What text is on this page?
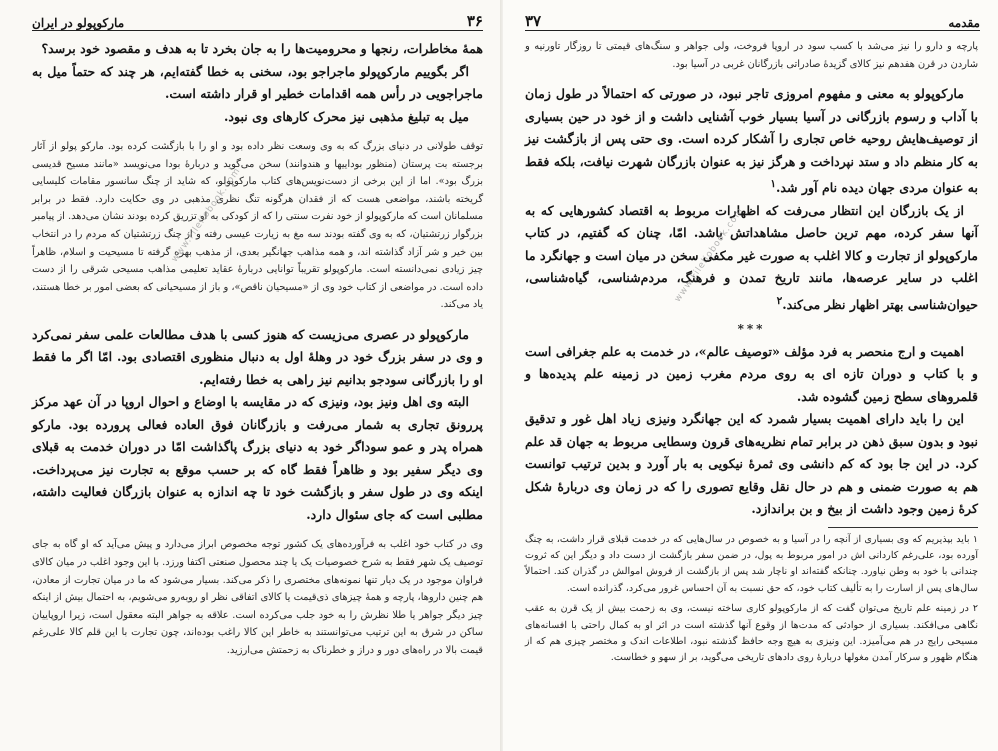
۳۶
مارکوپولو در ایران

همهٔ مخاطرات، رنجها و محرومیت‌ها را به جان بخرد تا به هدف و مقصود خود برسد؟

اگر بگوییم مارکوپولو ماجراجو بود، سخنی به خطا گفته‌ایم، هر چند که حتماً میل به ماجراجویی در رأس همه اقدامات خطیر او قرار داشته است.

میل به تبلیغ مذهبی نیز محرک کارهای وی نبود.

توقف طولانی در دنیای بزرگ که به وی وسعت نظر داده بود و او را با بازگشت کرده بود. مارکو پولو از آثار برجسته بت پرستان (منظور بوداییها و هندوانند) سخن می‌گوید و دربارهٔ بودا می‌نویسد «مانند مسیح قدیسی بزرگ بود». اما از این برخی از دست‌نویس‌های کتاب مارکوپولو، که شاید از چنگ سانسور مقامات کلیسایی گریخته باشند، مواضعی هست که از فقدان هرگونه تنگ نظری مذهبی در وی حکایت دارد. فقط در برابر مسلمانان است که مارکوپولو از خود نفرت سنتی را که از کودکی به او تزریق کرده بودند نشان می‌دهد. از پیامبر بزرگوار زرتشتیان، که به وی گفته بودند سه مغ به زیارت عیسی رفته و از چنگ زرتشتیان که مردم را در انتخاب بین خیر و شر آزاد گذاشته اند، و همه مذاهب جهانگیر بعدی، از مذهب بهره گرفته تا مسیحیت و اسلام، ظاهراً چیز زیادی نمی‌دانسته است. مارکوپولو تقریباً توانایی دربارهٔ عقاید تعلیمی مذاهب مسیحی شرقی را از دست داده است. در مواضعی از کتاب خود وی از «مسیحیان ناقص»، و باز از مسیحیانی که بعضی امور بر خطا هستند، یاد می‌کند.

مارکوپولو در عصری می‌زیست که هنوز کسی با هدف مطالعات علمی سفر نمی‌کرد و وی در سفر بزرگ خود در وهلهٔ اول به دنبال منظوری اقتصادی بود. امّا اگر ما فقط او را بازرگانی سودجو بدانیم نیز راهی به خطا رفته‌ایم.

البته وی اهل ونیز بود، ونیزی که در مقایسه با اوضاع و احوال اروپا در آن عهد مرکز پررونق تجاری به شمار می‌رفت و بازرگانان فوق العاده فعالی پرورده بود. مارکو همراه پدر و عمو سوداگر خود به دنیای بزرگ پاگذاشت امّا در دوران خدمت به قبلای وی دیگر سفیر بود و ظاهراً فقط گاه که بر حسب موقع به تجارت نیز می‌پرداخت. اینکه وی در طول سفر و بازگشت خود تا چه اندازه به عنوان بازرگان فعالیت داشته، مطلبی است که جای سئوال دارد.

وی در کتاب خود اغلب به فرآورده‌های یک کشور توجه مخصوص ابراز می‌دارد و پیش می‌آید که او گاه به جای توصیف یک شهر فقط به شرح خصوصیات یک یا چند محصول صنعتی اکتفا ورزد. با این وجود اغلب در میان کالای فراوان موجود در یک دیار تنها نمونه‌های مختصری را ذکر می‌کند. بسیار می‌شود که ما در میان تجارت از معادن، هم چنین داروها، پارچه و همهٔ چیزهای ذی‌قیمت یا کالای اتفاقی نظر او روبه‌رو می‌شویم، به احتمال بیش از اینکه چیز دیگر جواهر یا طلا نظرش را به خود جلب می‌کرده است. علاقه به جواهر البته معقول است، زیرا اروپاییان ساکن در شرق به این ترتیب می‌توانستند به خاطر این کالا راغب بوده‌اند، چون تجارت با این قلم کالا علی‌رغم قیمت بالا در راه‌های دور و دراز و خطرناک به زحمتش می‌ارزید.

www.Fileliobook.com
مقدمه
۳۷

پارچه و دارو را نیز می‌شد با کسب سود در اروپا فروخت، ولی جواهر و سنگ‌های قیمتی تا روزگار تاورنیه و شاردن در قرن هفدهم نیز کالای گزیدهٔ صادراتی بازرگانان غربی در آسیا بود.

مارکوپولو به معنی و مفهوم امروزی تاجر نبود، در صورتی که احتمالاً در طول زمان با آداب و رسوم بازرگانی در آسیا بسیار خوب آشنایی داشت و از خود در حین بسیاری از توصیف‌هایش روحیه خاص تجاری را آشکار کرده است. وی حتی پس از بازگشت نیز به کار منظم داد و ستد نپرداخت و هرگز نیز به عنوان بازرگان شهرت نیافت، بلکه فقط به عنوان مردی جهان دیده نام آور شد.$^۱$

از یک بازرگان این انتظار می‌رفت که اظهارات مربوط به اقتصاد کشورهایی که به آنها سفر کرده، مهم ترین حاصل مشاهداتش باشد. امّا، چنان که گفتیم، در کتاب مارکوپولو از تجارت و کالا اغلب به صورت غیر مکفی سخن در میان است و جهانگرد ما اغلب در سایر عرصه‌ها، مانند تاریخ تمدن و فرهنگ، مردم‌شناسی، گیاه‌شناسی، حیوان‌شناسی بهتر اظهار نظر می‌کند.$^۲$

***

اهمیت و ارج منحصر به فرد مؤلف «توصیف عالم»، در خدمت به علم جغرافی است و با کتاب و دوران تازه ای به روی مردم مغرب زمین در زمینه علم پدیده‌ها و قلمروهای سطح زمین گشوده شد.

این را باید دارای اهمیت بسیار شمرد که این جهانگرد ونیزی زیاد اهل غور و تدقیق نبود و بدون سبق ذهن در برابر تمام نظریه‌های قرون وسطایی مربوط به جهان قد علم کرد. در این جا بود که کم دانشی وی ثمرهٔ نیکویی به بار آورد و بدین ترتیب توانست هم به صورت ضمنی و هم در حال نقل وقایع تصوری را که در زمان وی دربارهٔ شکل کرهٔ زمین وجود داشت از بیخ و بن براندازد.

۱ باید بپذیریم که وی بسیاری از آنچه را در آسیا و به خصوص در سال‌هایی که در خدمت قبلای قرار داشت، به چنگ آورده بود، علی‌رغم کاردانی اش در امور مربوط به پول، در ضمن سفر بازگشت از دست داد و دیگر این که ثروت چندانی با خود به وطن نیاورد. چنانکه گفته‌اند او ناچار شد پس از بازگشت از فروش اموالش در گذران کند. احتمالاً سال‌های پس از اسارت را به تألیف کتاب خود، که حق نسبت به آن احساس غرور می‌کرد، گذرانده است.

۲ در زمینه علم تاریخ می‌توان گفت که از مارکوپولو کاری ساخته نیست، وی به زحمت بیش از یک قرن به عقب نگاهی می‌افکند. بسیاری از حوادثی که مدت‌ها از وقوع آنها گذشته است در اثر او به کمال راحتی با افسانه‌های مسیحی رایج در هم می‌آمیزد. این ونیزی به هیچ وجه حافظ گذشته نبود، اطلاعات اندک و مختصر چیزی هم که از هنگام ظهور و سرکار آمدن مغولها دربارهٔ روی دادهای تاریخی می‌گوید، بر از سهو و خطاست.

www.Fileliobook.com
